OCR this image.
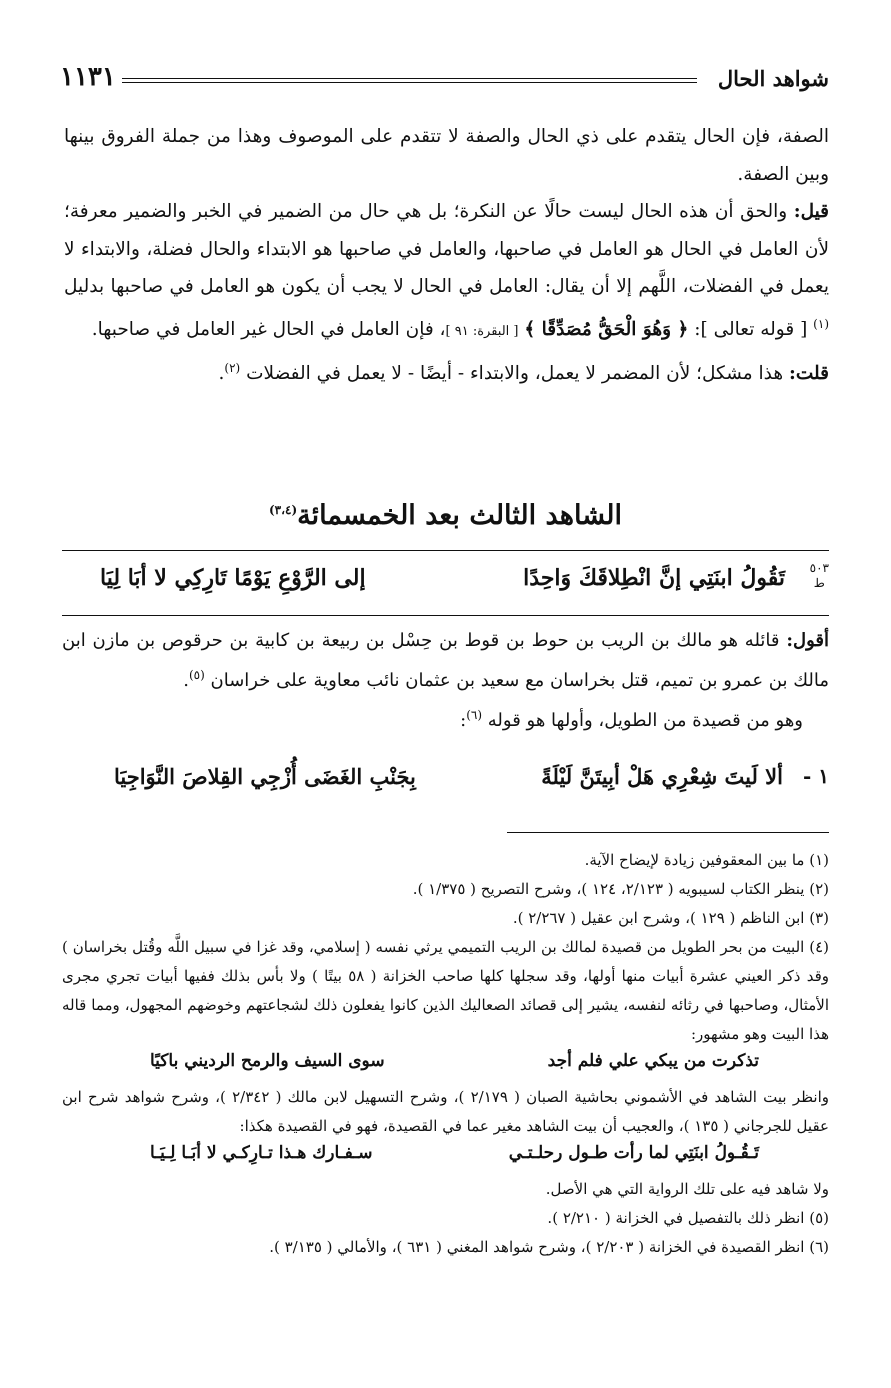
شواهد الحال
١١٣١

الصفة، فإن الحال يتقدم على ذي الحال والصفة لا تتقدم على الموصوف وهذا من جملة الفروق بينها وبين الصفة.

قيل: والحق أن هذه الحال ليست حالًا عن النكرة؛ بل هي حال من الضمير في الخبر والضمير معرفة؛ لأن العامل في الحال هو العامل في صاحبها، والعامل في صاحبها هو الابتداء والحال فضلة، والابتداء لا يعمل في الفضلات، اللَّهم إلا أن يقال: العامل في الحال لا يجب أن يكون هو العامل في صاحبها بدليل $^{(١)}$ [ قوله تعالى ]: ﴿ وَهُوَ الْحَقُّ مُصَدِّقًا ﴾ [ البقرة: ٩١ ]، فإن العامل في الحال غير العامل في صاحبها.

قلت: هذا مشكل؛ لأن المضمر لا يعمل، والابتداء - أيضًا - لا يعمل في الفضلات $^{(٢)}$.

الشاهد الثالث بعد الخمسمائة$^{(٣،٤)}$
٥٠٣
ط
تَقُولُ ابنَتِي إنَّ انْطِلاقَكَ وَاحِدًا
إلى الرَّوْعِ يَوْمًا تَارِكِي لا أبَا لِيَا

أقول: قائله هو مالك بن الريب بن حوط بن قوط بن حِسْل بن ربيعة بن كابية بن حرقوص بن مازن ابن مالك بن عمرو بن تميم، قتل بخراسان مع سعيد بن عثمان نائب معاوية على خراسان $^{(٥)}$.

وهو من قصيدة من الطويل، وأولها هو قوله $^{(٦)}$:

١ -
ألا لَيتَ شِعْرِي هَلْ أبِيتَنَّ لَيْلَةً
بِجَنْبِ الغَضَى أُزْجِي القِلاصَ النَّوَاجِيَا

(١) ما بين المعقوفين زيادة لإيضاح الآية.

(٢) ينظر الكتاب لسيبويه ( ٢/١٢٣، ١٢٤ )، وشرح التصريح ( ١/٣٧٥ ).

(٣) ابن الناظم ( ١٢٩ )، وشرح ابن عقيل ( ٢/٢٦٧ ).

(٤) البيت من بحر الطويل من قصيدة لمالك بن الريب التميمي يرثي نفسه ( إسلامي، وقد غزا في سبيل اللَّه وقُتل بخراسان ) وقد ذكر العيني عشرة أبيات منها أولها، وقد سجلها كلها صاحب الخزانة ( ٥٨ بيتًا ) ولا بأس بذلك ففيها أبيات تجري مجرى الأمثال، وصاحبها في رثائه لنفسه، يشير إلى قصائد الصعاليك الذين كانوا يفعلون ذلك لشجاعتهم وخوضهم المجهول، ومما قاله هذا البيت وهو مشهور:

تذكرت من يبكي علي فلم أجد
سوى السيف والرمح الرديني باكيًا

وانظر بيت الشاهد في الأشموني بحاشية الصبان ( ٢/١٧٩ )، وشرح التسهيل لابن مالك ( ٢/٣٤٢ )، وشرح شواهد شرح ابن عقيل للجرجاني ( ١٣٥ )، والعجيب أن بيت الشاهد مغير عما في القصيدة، فهو في القصيدة هكذا:

تَـقُـولُ ابنَتِي لما رأت طـول رحلـتـي
سـفـارك هـذا تـارِكـي لا أبَـا لِـيَـا

ولا شاهد فيه على تلك الرواية التي هي الأصل.

(٥) انظر ذلك بالتفصيل في الخزانة ( ٢/٢١٠ ).

(٦) انظر القصيدة في الخزانة ( ٢/٢٠٣ )، وشرح شواهد المغني ( ٦٣١ )، والأمالي ( ٣/١٣٥ ).
